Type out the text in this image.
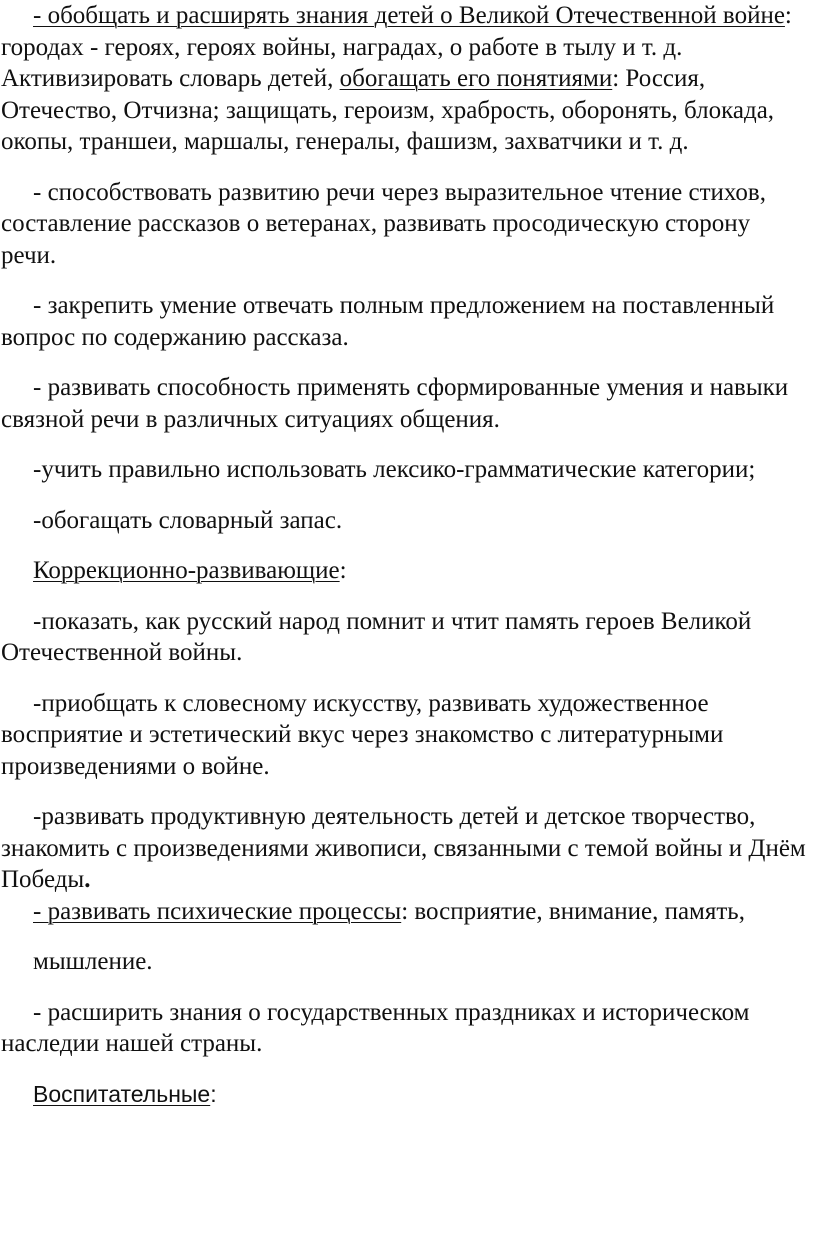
- обобщать и расширять знания детей о Великой Отечественной войне: городах - героях, героях войны, наградах, о работе в тылу и т. д. Активизировать словарь детей, обогащать его понятиями: Россия, Отечество, Отчизна; защищать, героизм, храбрость, оборонять, блокада, окопы, траншеи, маршалы, генералы, фашизм, захватчики и т. д.

- способствовать развитию речи через выразительное чтение стихов, составление рассказов о ветеранах, развивать просодическую сторону речи.

- закрепить умение отвечать полным предложением на поставленный вопрос по содержанию рассказа.

- развивать способность применять сформированные умения и навыки связной речи в различных ситуациях общения.

-учить правильно использовать лексико-грамматические категории;

-обогащать словарный запас.

Коррекционно-развивающие:

-показать, как русский народ помнит и чтит память героев Великой Отечественной войны.

-приобщать к словесному искусству, развивать художественное восприятие и эстетический вкус через знакомство с литературными произведениями о войне.

-развивать продуктивную деятельность детей и детское творчество, знакомить с произведениями живописи, связанными с темой войны и Днём Победы.

- развивать психические процессы: восприятие, внимание, память,

мышление.

- расширить знания о государственных праздниках и историческом наследии нашей страны.

Воспитательные:
